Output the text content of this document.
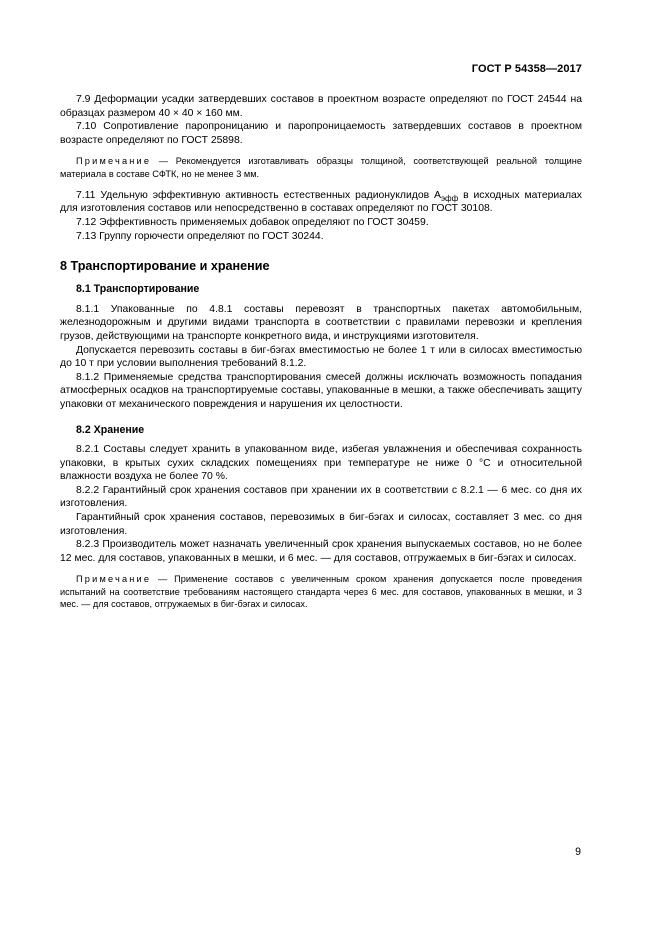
ГОСТ Р 54358—2017

7.9 Деформации усадки затвердевших составов в проектном возрасте определяют по ГОСТ 24544 на образцах размером 40 × 40 × 160 мм.

7.10 Сопротивление паропроницанию и паропроницаемость затвердевших составов в проектном возрасте определяют по ГОСТ 25898.

Примечание — Рекомендуется изготавливать образцы толщиной, соответствующей реальной толщине материала в составе СФТК, но не менее 3 мм.

7.11 Удельную эффективную активность естественных радионуклидов $А_{эфф}$ в исходных материалах для изготовления составов или непосредственно в составах определяют по ГОСТ 30108.

7.12 Эффективность применяемых добавок определяют по ГОСТ 30459.

7.13 Группу горючести определяют по ГОСТ 30244.

8 Транспортирование и хранение

8.1 Транспортирование

8.1.1 Упакованные по 4.8.1 составы перевозят в транспортных пакетах автомобильным, железнодорожным и другими видами транспорта в соответствии с правилами перевозки и крепления грузов, действующими на транспорте конкретного вида, и инструкциями изготовителя.

Допускается перевозить составы в биг-бэгах вместимостью не более 1 т или в силосах вместимостью до 10 т при условии выполнения требований 8.1.2.

8.1.2 Применяемые средства транспортирования смесей должны исключать возможность попадания атмосферных осадков на транспортируемые составы, упакованные в мешки, а также обеспечивать защиту упаковки от механического повреждения и нарушения их целостности.

8.2 Хранение

8.2.1 Составы следует хранить в упакованном виде, избегая увлажнения и обеспечивая сохранность упаковки, в крытых сухих складских помещениях при температуре не ниже 0 °С и относительной влажности воздуха не более 70 %.

8.2.2 Гарантийный срок хранения составов при хранении их в соответствии с 8.2.1 — 6 мес. со дня их изготовления.

Гарантийный срок хранения составов, перевозимых в биг-бэгах и силосах, составляет 3 мес. со дня изготовления.

8.2.3 Производитель может назначать увеличенный срок хранения выпускаемых составов, но не более 12 мес. для составов, упакованных в мешки, и 6 мес. — для составов, отгружаемых в биг-бэгах и силосах.

Примечание — Применение составов с увеличенным сроком хранения допускается после проведения испытаний на соответствие требованиям настоящего стандарта через 6 мес. для составов, упакованных в мешки, и 3 мес. — для составов, отгружаемых в биг-бэгах и силосах.

9
